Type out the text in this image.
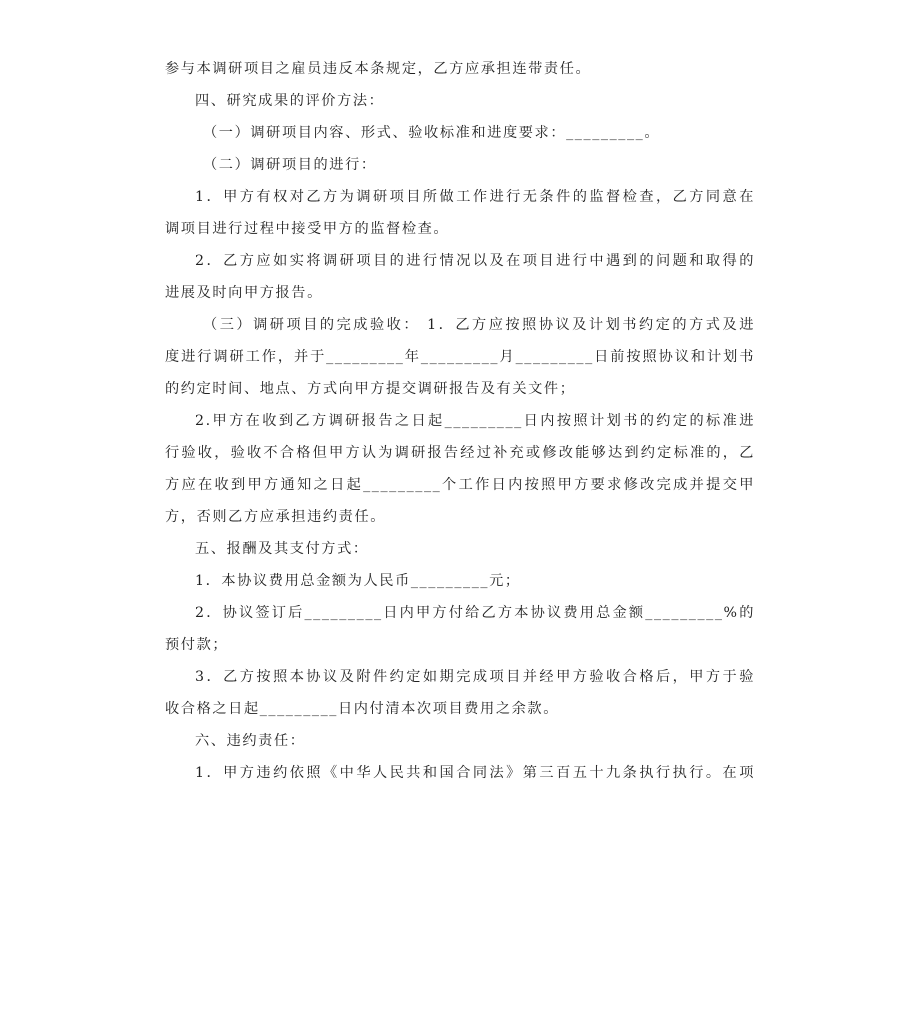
参与本调研项目之雇员违反本条规定，乙方应承担连带责任。
四、研究成果的评价方法：
（一）调研项目内容、形式、验收标准和进度要求：_________。
（二）调研项目的进行：
1．甲方有权对乙方为调研项目所做工作进行无条件的监督检查，乙方同意在
调项目进行过程中接受甲方的监督检查。
2．乙方应如实将调研项目的进行情况以及在项目进行中遇到的问题和取得的
进展及时向甲方报告。
（三）调研项目的完成验收： 1．乙方应按照协议及计划书约定的方式及进
度进行调研工作，并于_________年_________月_________日前按照协议和计划书
的约定时间、地点、方式向甲方提交调研报告及有关文件；
2.甲方在收到乙方调研报告之日起_________日内按照计划书的约定的标准进
行验收，验收不合格但甲方认为调研报告经过补充或修改能够达到约定标准的，乙
方应在收到甲方通知之日起_________个工作日内按照甲方要求修改完成并提交甲
方，否则乙方应承担违约责任。
五、报酬及其支付方式：
1．本协议费用总金额为人民币_________元；
2．协议签订后_________日内甲方付给乙方本协议费用总金额_________%的
预付款；
3．乙方按照本协议及附件约定如期完成项目并经甲方验收合格后，甲方于验
收合格之日起_________日内付清本次项目费用之余款。
六、违约责任：
1．甲方违约依照《中华人民共和国合同法》第三百五十九条执行执行。在项
